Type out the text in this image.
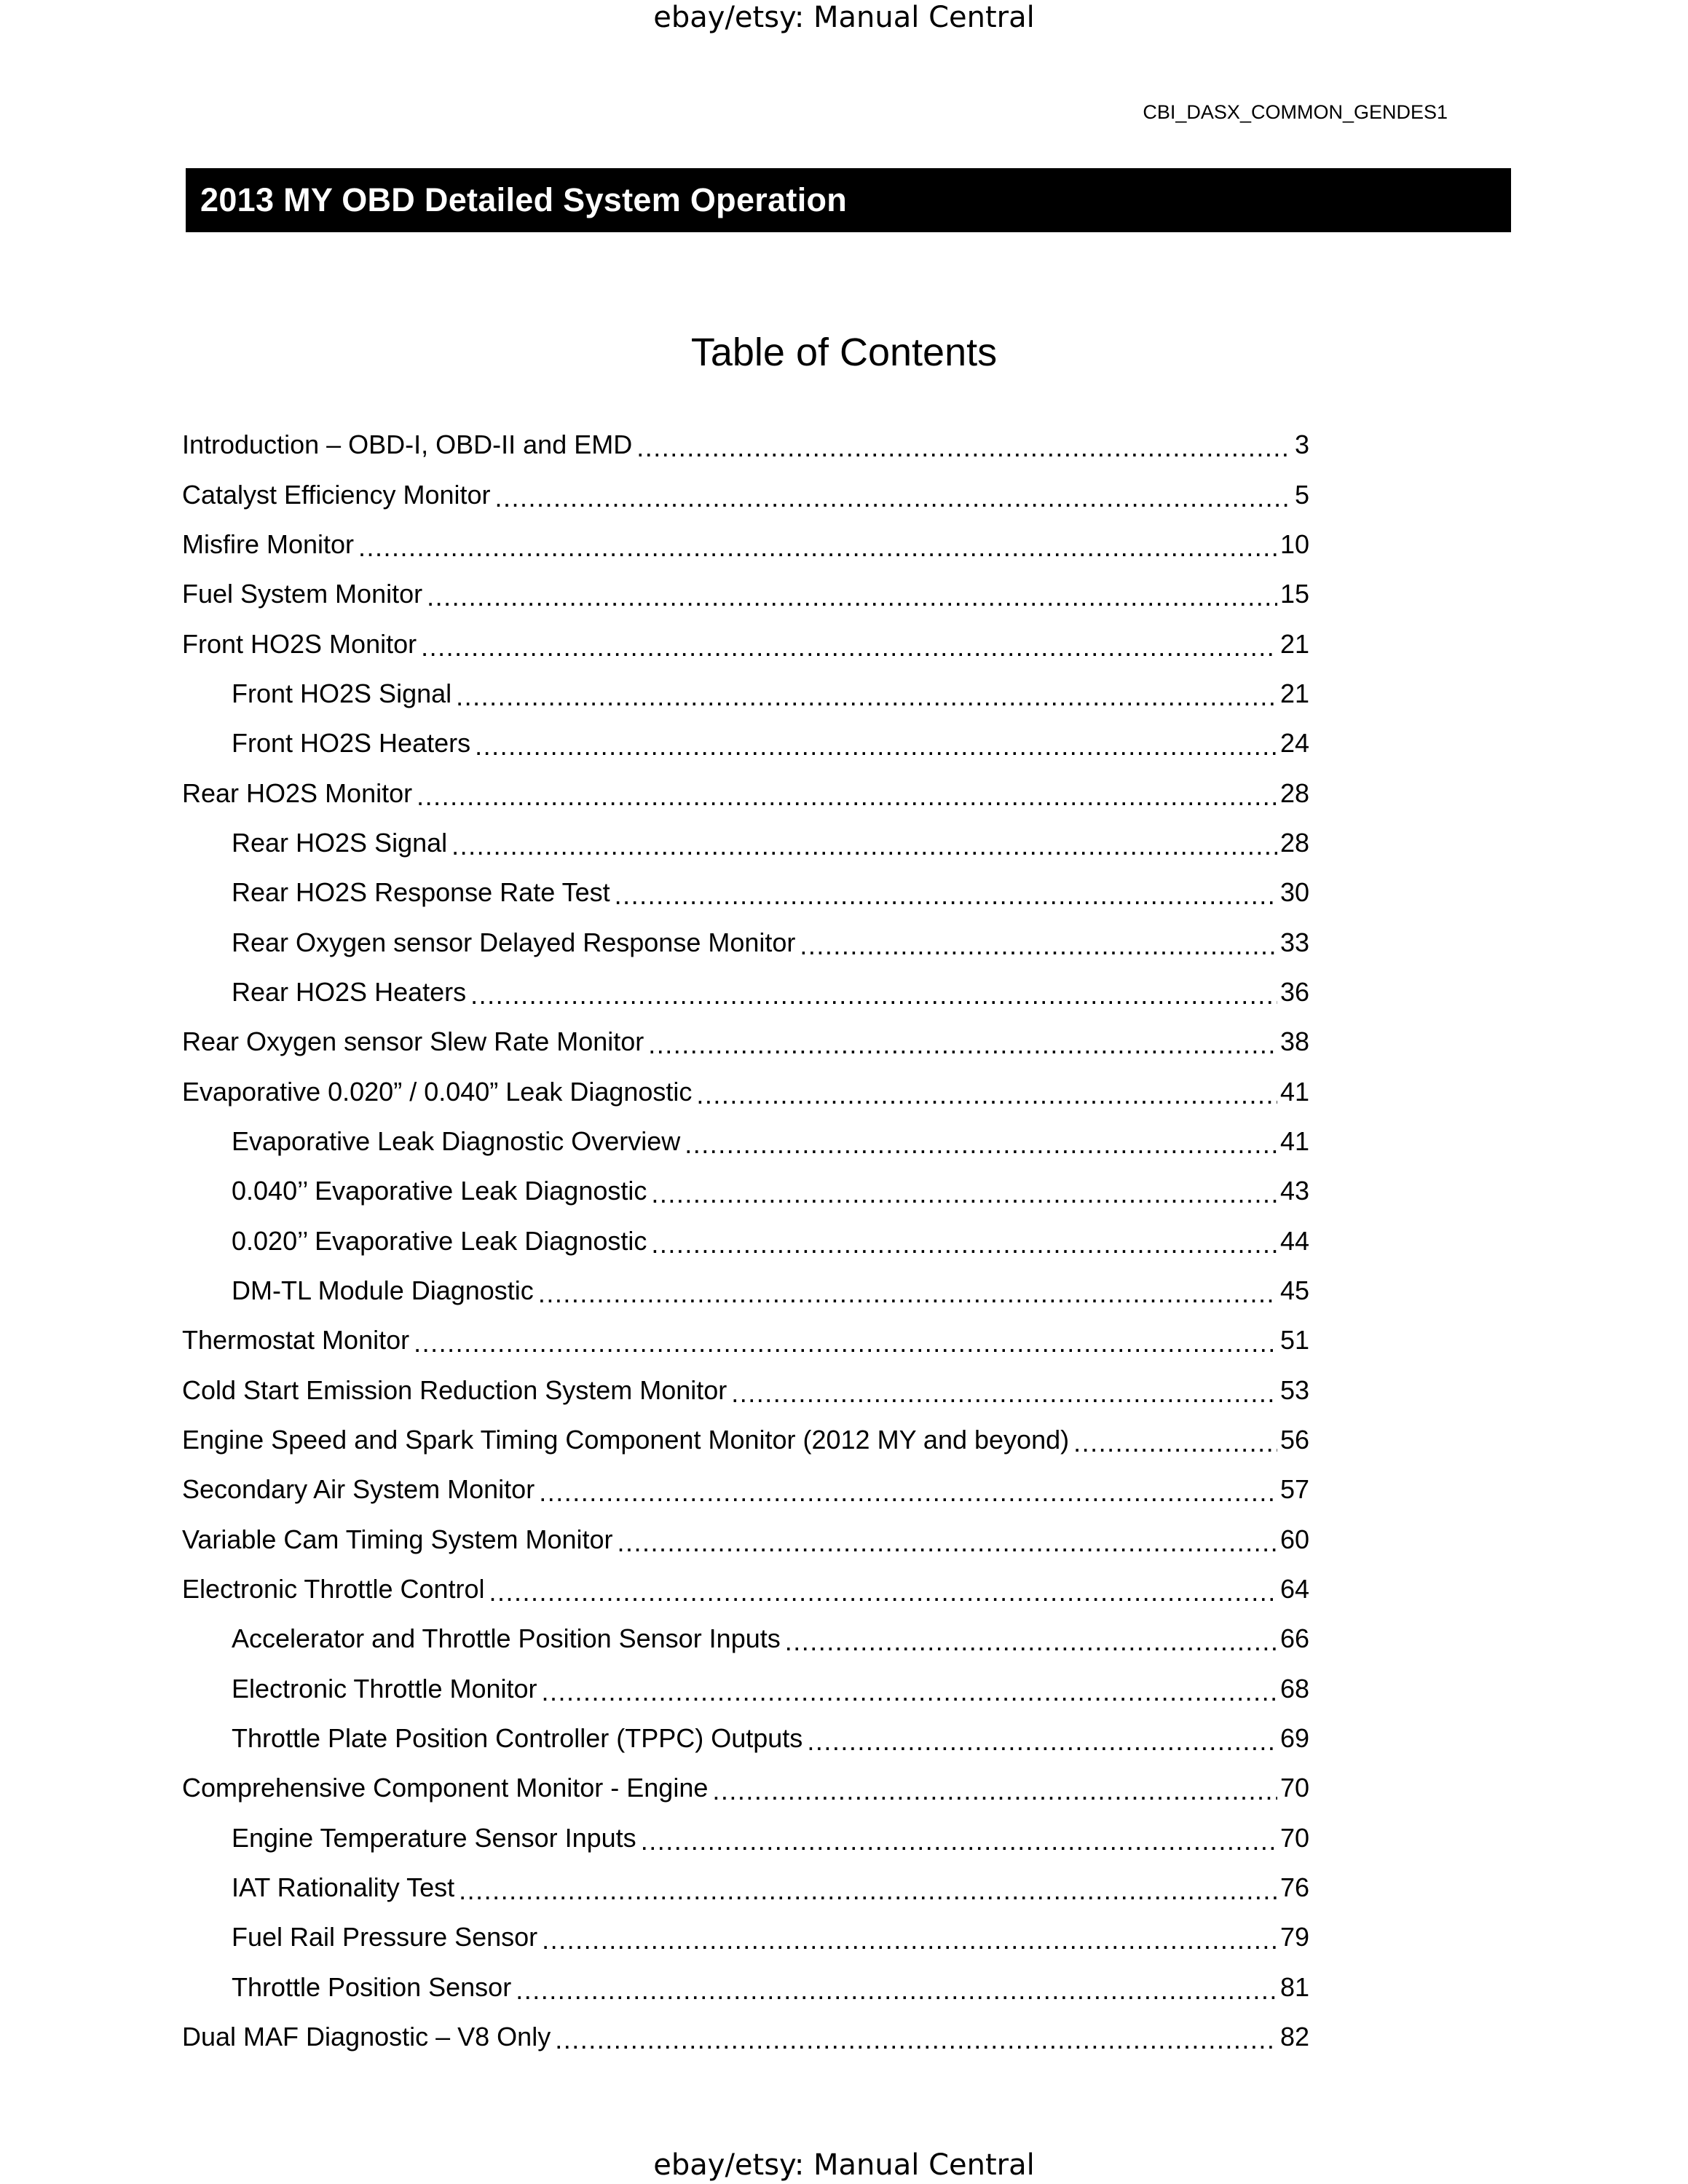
ebay/etsy: Manual Central
CBI_DASX_COMMON_GENDES1
2013 MY OBD Detailed System Operation
Table of Contents
Introduction – OBD-I, OBD-II and EMD .....	3
Catalyst Efficiency Monitor .....	5
Misfire Monitor .....	10
Fuel System Monitor .....	15
Front HO2S Monitor .....	21
Front HO2S Signal .....	21
Front HO2S Heaters .....	24
Rear HO2S Monitor .....	28
Rear HO2S Signal .....	28
Rear HO2S Response Rate Test .....	30
Rear Oxygen sensor Delayed Response Monitor .....	33
Rear HO2S Heaters .....	36
Rear Oxygen sensor Slew Rate Monitor .....	38
Evaporative 0.020” / 0.040” Leak Diagnostic .....	41
Evaporative Leak Diagnostic Overview .....	41
0.040’’ Evaporative Leak Diagnostic .....	43
0.020’’ Evaporative Leak Diagnostic .....	44
DM-TL Module Diagnostic .....	45
Thermostat Monitor .....	51
Cold Start Emission Reduction System Monitor .....	53
Engine Speed and Spark Timing Component Monitor (2012 MY and beyond) .....	56
Secondary Air System Monitor .....	57
Variable Cam Timing System Monitor .....	60
Electronic Throttle Control .....	64
Accelerator and Throttle Position Sensor Inputs .....	66
Electronic Throttle Monitor .....	68
Throttle Plate Position Controller (TPPC) Outputs .....	69
Comprehensive Component Monitor - Engine .....	70
Engine Temperature Sensor Inputs .....	70
IAT Rationality Test .....	76
Fuel Rail Pressure Sensor .....	79
Throttle Position Sensor .....	81
Dual MAF Diagnostic – V8 Only .....	82
ebay/etsy: Manual Central
